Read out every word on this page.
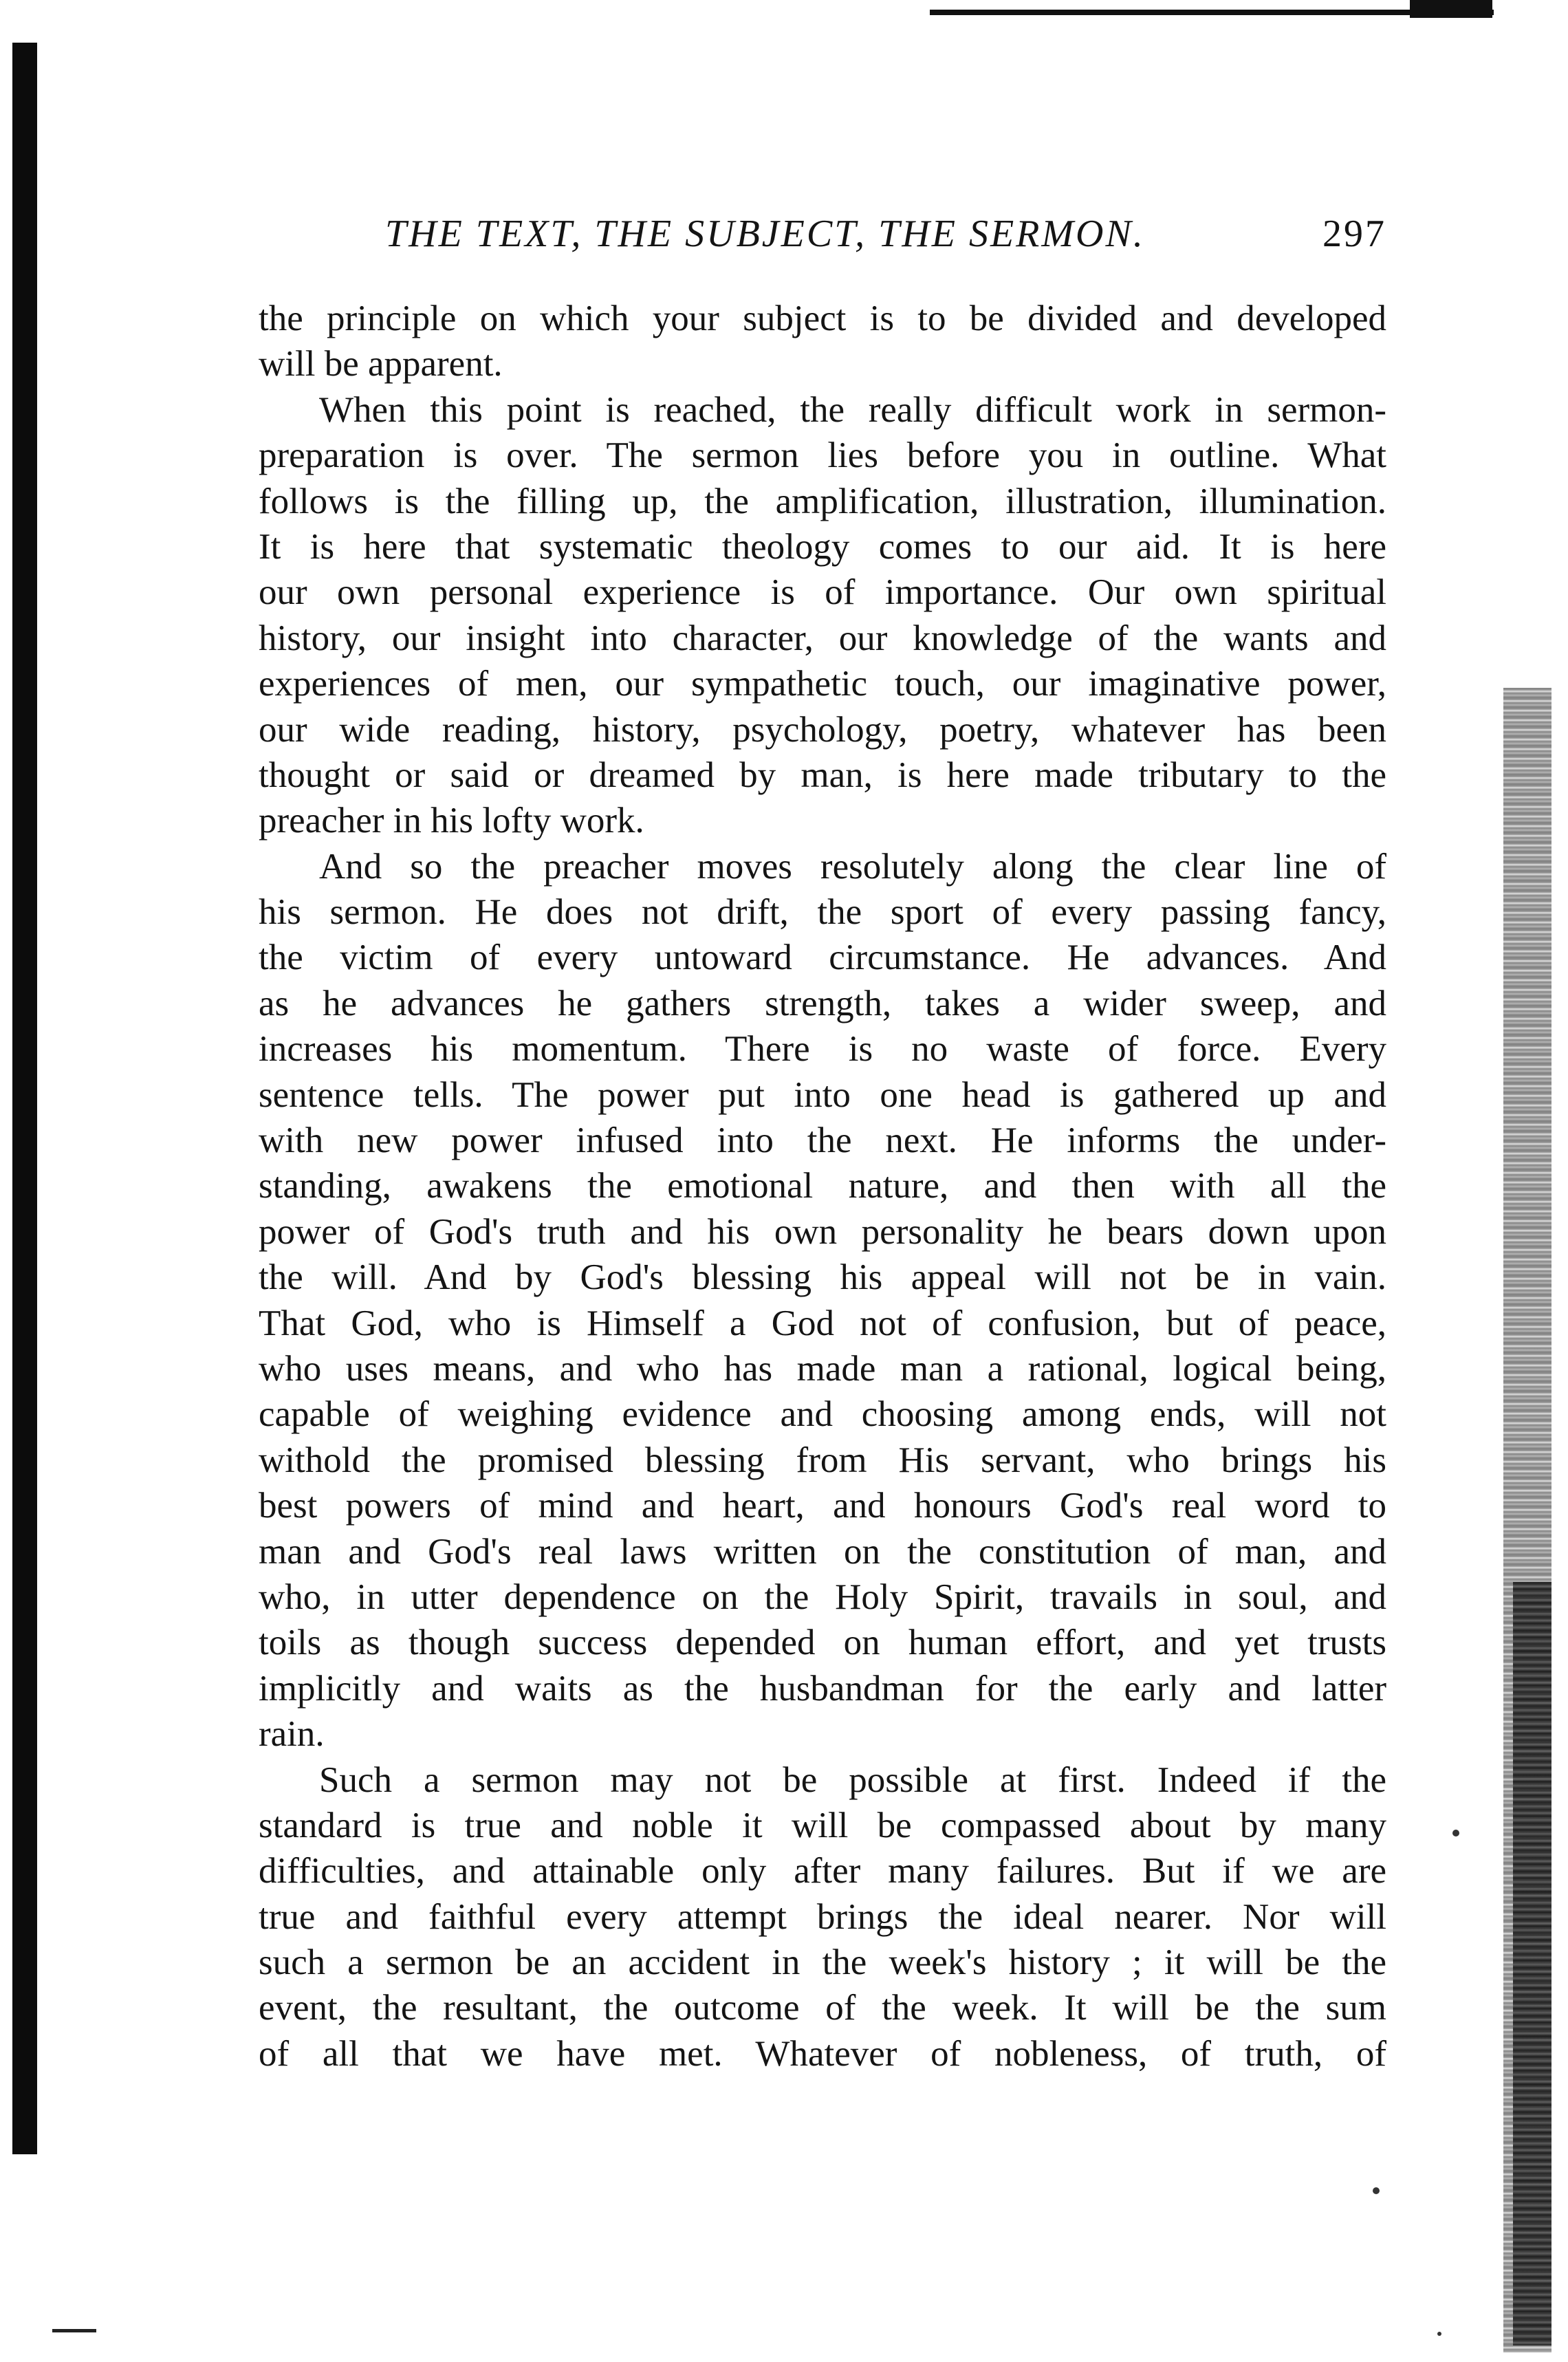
THE TEXT, THE SUBJECT, THE SERMON.	297
the principle on which your subject is to be divided and developed
will be apparent.
When this point is reached, the really difficult work in sermon-
preparation is over. The sermon lies before you in outline. What
follows is the filling up, the amplification, illustration, illumination.
It is here that systematic theology comes to our aid. It is here
our own personal experience is of importance. Our own spiritual
history, our insight into character, our knowledge of the wants and
experiences of men, our sympathetic touch, our imaginative power,
our wide reading, history, psychology, poetry, whatever has been
thought or said or dreamed by man, is here made tributary to the
preacher in his lofty work.
And so the preacher moves resolutely along the clear line of
his sermon. He does not drift, the sport of every passing fancy,
the victim of every untoward circumstance. He advances. And
as he advances he gathers strength, takes a wider sweep, and
increases his momentum. There is no waste of force. Every
sentence tells. The power put into one head is gathered up and
with new power infused into the next. He informs the under-
standing, awakens the emotional nature, and then with all the
power of God's truth and his own personality he bears down upon
the will. And by God's blessing his appeal will not be in vain.
That God, who is Himself a God not of confusion, but of peace,
who uses means, and who has made man a rational, logical being,
capable of weighing evidence and choosing among ends, will not
withold the promised blessing from His servant, who brings his
best powers of mind and heart, and honours God's real word to
man and God's real laws written on the constitution of man, and
who, in utter dependence on the Holy Spirit, travails in soul, and
toils as though success depended on human effort, and yet trusts
implicitly and waits as the husbandman for the early and latter
rain.
Such a sermon may not be possible at first. Indeed if the
standard is true and noble it will be compassed about by many
difficulties, and attainable only after many failures. But if we are
true and faithful every attempt brings the ideal nearer. Nor will
such a sermon be an accident in the week's history ; it will be the
event, the resultant, the outcome of the week. It will be the sum
of all that we have met. Whatever of nobleness, of truth, of
